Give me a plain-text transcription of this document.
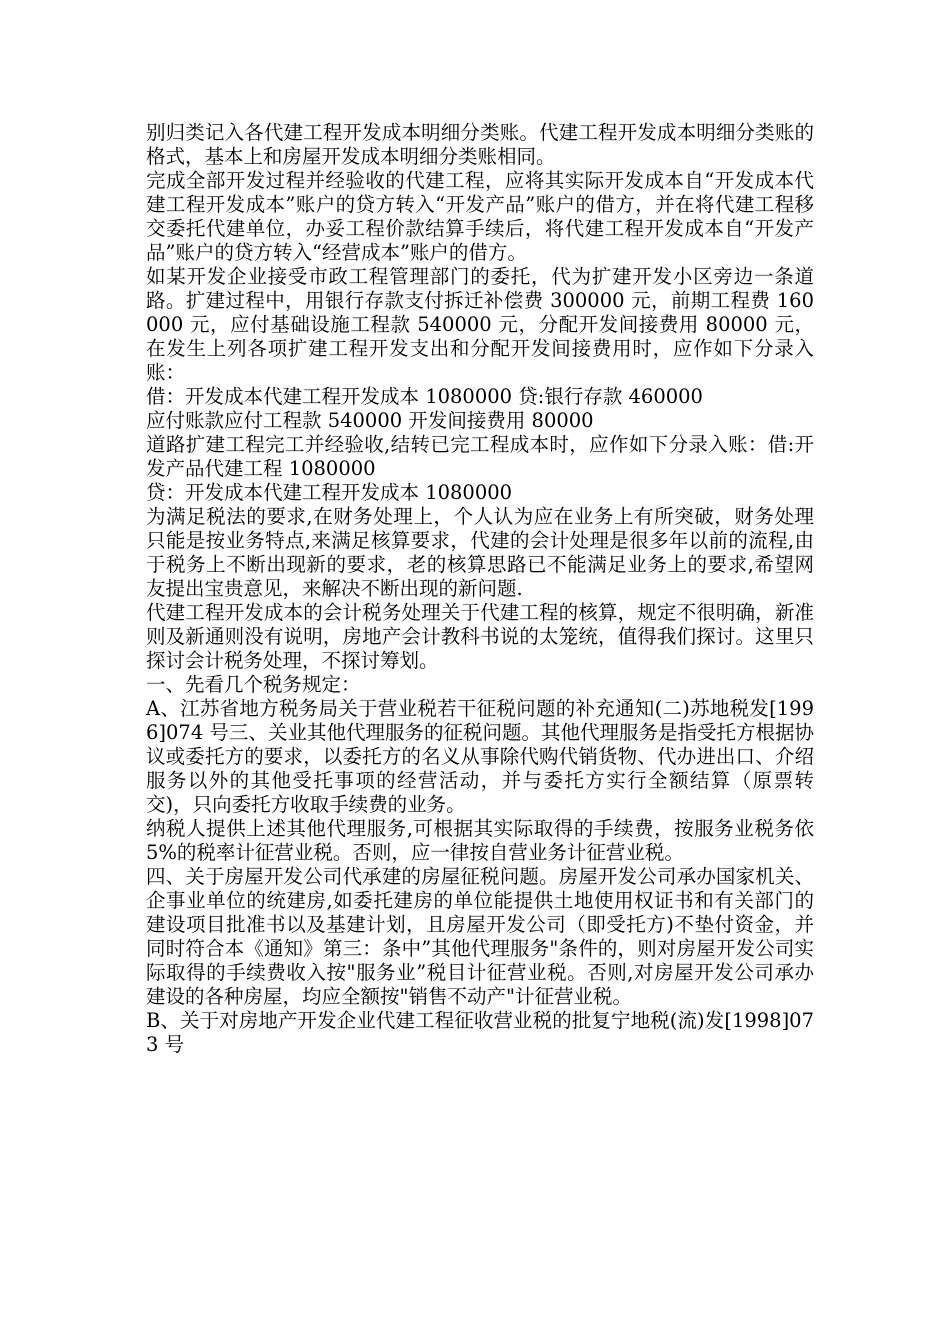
别归类记入各代建工程开发成本明细分类账。代建工程开发成本明细分类账的格式，基本上和房屋开发成本明细分类账相同。

完成全部开发过程并经验收的代建工程，应将其实际开发成本自“开发成本代建工程开发成本”账户的贷方转入“开发产品”账户的借方，并在将代建工程移交委托代建单位，办妥工程价款结算手续后，将代建工程开发成本自“开发产品”账户的贷方转入“经营成本”账户的借方。

如某开发企业接受市政工程管理部门的委托，代为扩建开发小区旁边一条道路。扩建过程中，用银行存款支付拆迁补偿费 300000 元，前期工程费 160000 元，应付基础设施工程款 540000 元，分配开发间接费用 80000 元，在发生上列各项扩建工程开发支出和分配开发间接费用时，应作如下分录入账：

借：开发成本代建工程开发成本 1080000 贷:银行存款 460000

应付账款应付工程款 540000 开发间接费用 80000

道路扩建工程完工并经验收,结转已完工程成本时，应作如下分录入账：借:开发产品代建工程 1080000

贷：开发成本代建工程开发成本 1080000

为满足税法的要求,在财务处理上，个人认为应在业务上有所突破，财务处理只能是按业务特点,来满足核算要求，代建的会计处理是很多年以前的流程,由于税务上不断出现新的要求，老的核算思路已不能满足业务上的要求,希望网友提出宝贵意见，来解决不断出现的新问题.

代建工程开发成本的会计税务处理关于代建工程的核算，规定不很明确，新准则及新通则没有说明，房地产会计教科书说的太笼统，值得我们探讨。这里只探讨会计税务处理，不探讨筹划。

一、先看几个税务规定：

A、江苏省地方税务局关于营业税若干征税问题的补充通知(二)苏地税发[1996]074 号三、关业其他代理服务的征税问题。其他代理服务是指受托方根据协议或委托方的要求，以委托方的名义从事除代购代销货物、代办进出口、介绍服务以外的其他受托事项的经营活动，并与委托方实行全额结算（原票转交)，只向委托方收取手续费的业务。

纳税人提供上述其他代理服务,可根据其实际取得的手续费，按服务业税务依 5%的税率计征营业税。否则，应一律按自营业务计征营业税。

四、关于房屋开发公司代承建的房屋征税问题。房屋开发公司承办国家机关、企事业单位的统建房,如委托建房的单位能提供土地使用权证书和有关部门的建设项目批准书以及基建计划，且房屋开发公司（即受托方)不垫付资金，并同时符合本《通知》第三：条中”其他代理服务"条件的，则对房屋开发公司实际取得的手续费收入按"服务业”税目计征营业税。否则,对房屋开发公司承办建设的各种房屋，均应全额按"销售不动产"计征营业税。

B、关于对房地产开发企业代建工程征收营业税的批复宁地税(流)发[1998]073 号
